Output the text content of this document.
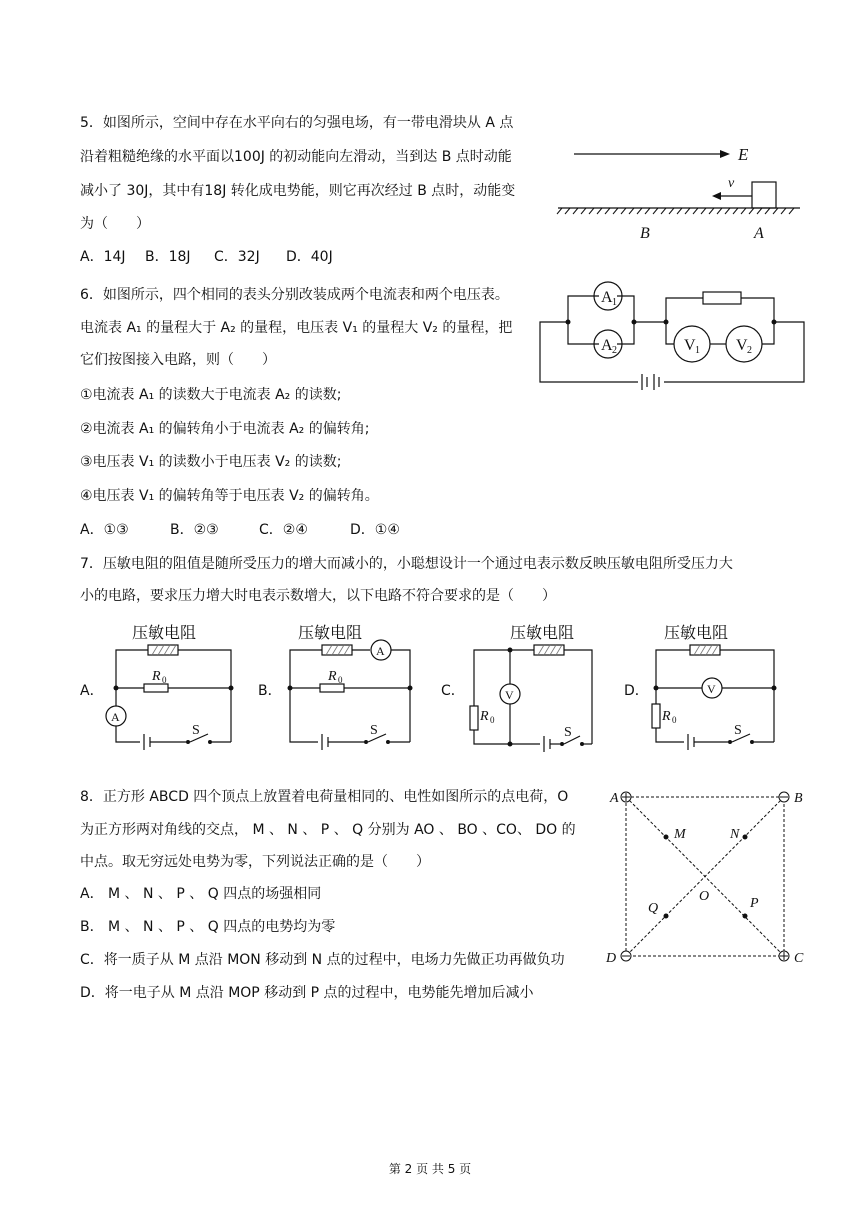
5．如图所示，空间中存在水平向右的匀强电场，有一带电滑块从 A 点
沿着粗糙绝缘的水平面以100J 的初动能向左滑动，当到达 B 点时动能
减小了 30J，其中有18J 转化成电势能，则它再次经过 B 点时，动能变
为（　　）
A．14J B．18J C．32J D．40J
E
v
B	A
6．如图所示，四个相同的表头分别改装成两个电流表和两个电压表。
电流表 A₁ 的量程大于 A₂ 的量程，电压表 V₁ 的量程大 V₂ 的量程，把
它们按图接入电路，则（　　）
①电流表 A₁ 的读数大于电流表 A₂ 的读数;
②电流表 A₁ 的偏转角小于电流表 A₂ 的偏转角;
③电压表 V₁ 的读数小于电压表 V₂ 的读数;
④电压表 V₁ 的偏转角等于电压表 V₂ 的偏转角。
A．①③	B．②③	C．②④	D．①④
A 1
A 2	V 1 V 2
7．压敏电阻的阻值是随所受压力的增大而减小的，小聪想设计一个通过电表示数反映压敏电阻所受压力大
小的电路，要求压力增大时电表示数增大，以下电路不符合要求的是（　　）
A．	B．	C．	D．
压敏电阻
R 0
S
A
压敏电阻
R 0
S
A
压敏电阻
R 0
S
V
压敏电阻
R 0
S
V
8．正方形 ABCD 四个顶点上放置着电荷量相同的、电性如图所示的点电荷，O
为正方形两对角线的交点， M 、 N 、 P 、 Q 分别为 AO 、 BO 、CO、 DO 的
中点。取无穷远处电势为零，下列说法正确的是（　　）
A． M 、 N 、 P 、 Q 四点的场强相同
B． M 、 N 、 P 、 Q 四点的电势均为零
C．将一质子从 M 点沿 MON 移动到 N 点的过程中，电场力先做正功再做负功
D．将一电子从 M 点沿 MOP 移动到 P 点的过程中，电势能先增加后减小
A	B
C
D
M	N
O	P
Q
第 2 页 共 5 页
